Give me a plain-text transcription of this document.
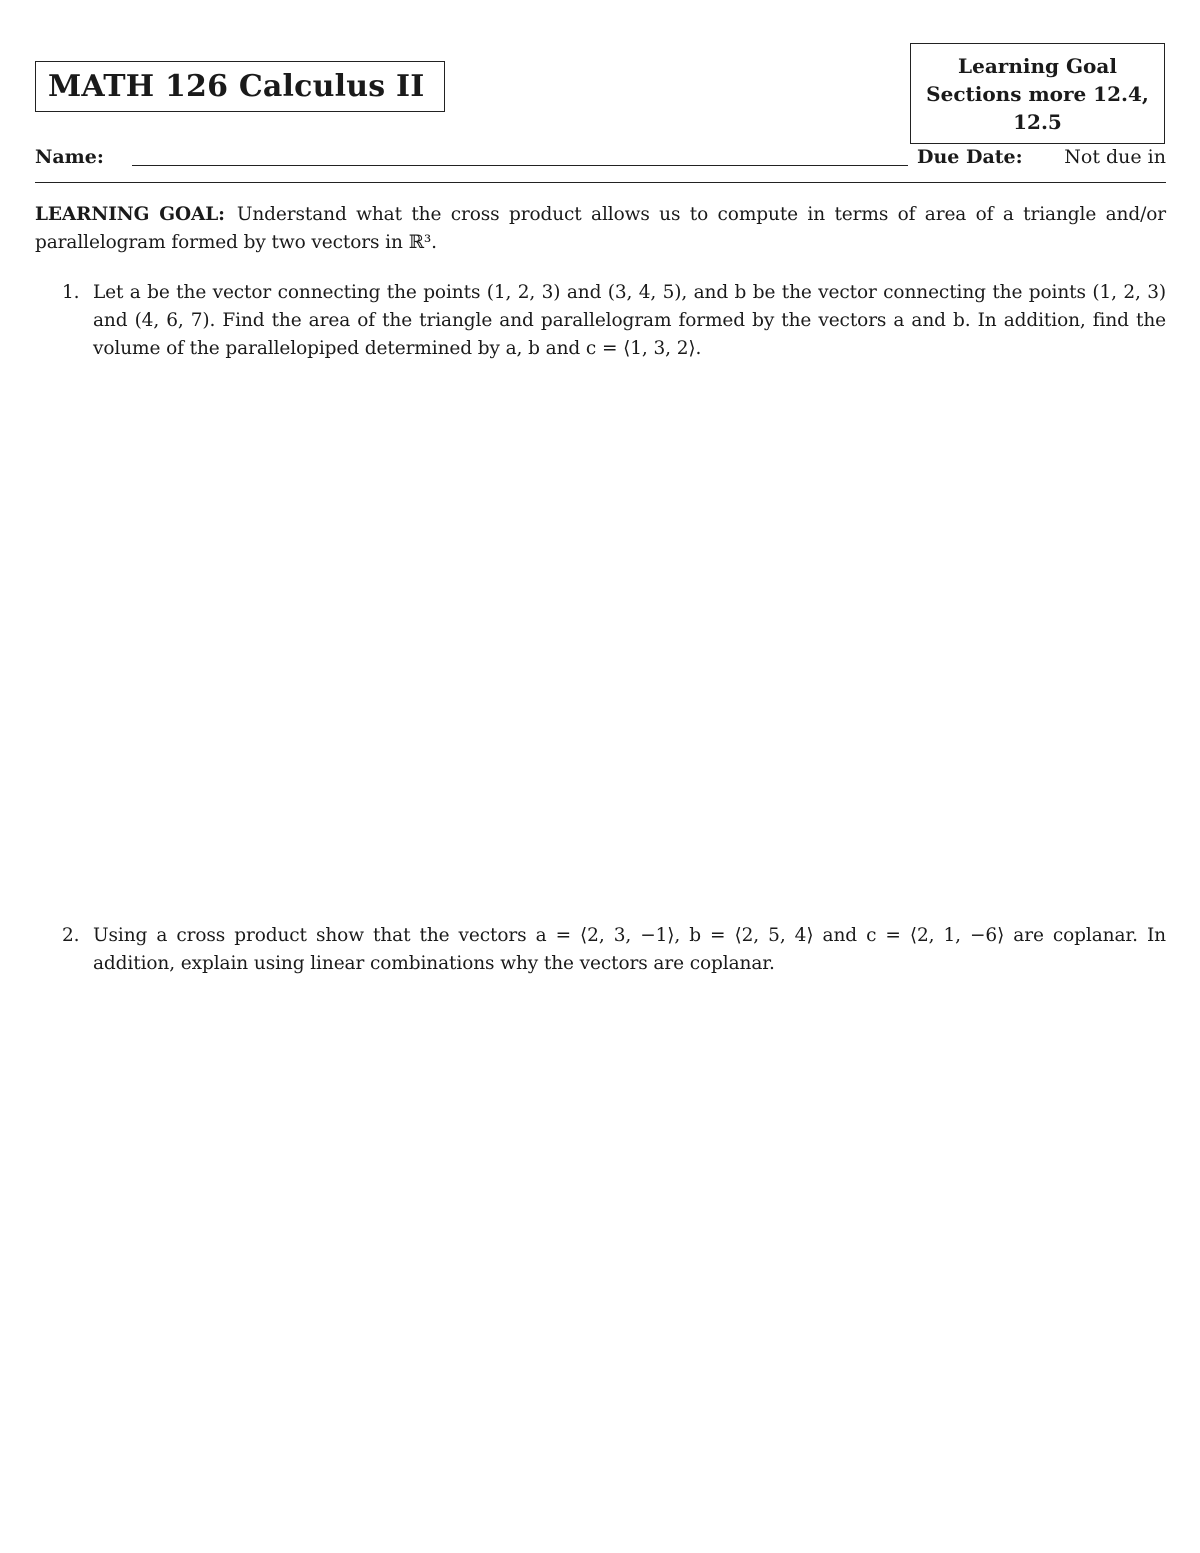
MATH 126 Calculus II
Learning Goal
Sections more 12.4,
12.5
Name:	Due Date: Not due in
LEARNING GOAL: Understand what the cross product allows us to compute in terms of area of a triangle and/or parallelogram formed by two vectors in ℝ³.
1. Let a be the vector connecting the points (1, 2, 3) and (3, 4, 5), and b be the vector connecting the points (1, 2, 3) and (4, 6, 7). Find the area of the triangle and parallelogram formed by the vectors a and b. In addition, find the volume of the parallelopiped determined by a, b and c = ⟨1, 3, 2⟩.
2. Using a cross product show that the vectors a = ⟨2, 3, −1⟩, b = ⟨2, 5, 4⟩ and c = ⟨2, 1, −6⟩ are coplanar. In addition, explain using linear combinations why the vectors are coplanar.
